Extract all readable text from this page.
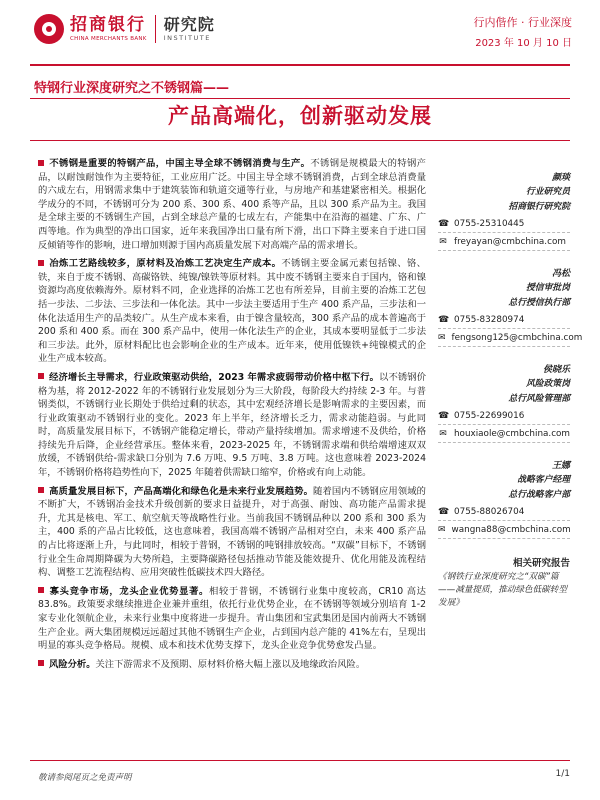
招商银行
CHINA MERCHANTS BANK
研究院
INSTITUTE
行内偕作 · 行业深度
2023 年 10 月 10 日
特钢行业深度研究之不锈钢篇——
产品高端化，创新驱动发展

不锈钢是重要的特钢产品，中国主导全球不锈钢消费与生产。不锈钢是规模最大的特钢产品，以耐蚀耐蚀作为主要特征，工业应用广泛。中国主导全球不锈钢消费，占到全球总消费量的六成左右，用钢需求集中于建筑装饰和轨道交通等行业，与房地产和基建紧密相关。根据化学成分的不同，不锈钢可分为 200 系、300 系、400 系等产品，且以 300 系产品为主。我国是全球主要的不锈钢生产国，占到全球总产量的七成左右，产能集中在沿海的福建、广东、广西等地。作为典型的净出口国家，近年来我国净出口量有所下滑，出口下降主要来自于进口国反倾销等作的影响，进口增加则源于国内高质量发展下对高端产品的需求增长。

冶炼工艺路线较多，原材料及冶炼工艺决定生产成本。不锈钢主要金属元素包括镍、铬、铁，来自于废不锈钢、高碳铬铁、纯镍/镍铁等原材料。其中废不锈钢主要来自于国内，铬和镍资源均高度依赖海外。原材料不同，企业选择的冶炼工艺也有所差异，目前主要的冶炼工艺包括一步法、二步法、三步法和一体化法。其中一步法主要适用于生产 400 系产品，三步法和一体化法适用生产的品类较广。从生产成本来看，由于镍含量较高，300 系产品的成本普遍高于 200 系和 400 系。而在 300 系产品中，使用一体化法生产的企业，其成本要明显低于二步法和三步法。此外，原材料配比也会影响企业的生产成本。近年来，使用低镍铁+纯镍模式的企业生产成本较高。

经济增长主导需求，行业政策驱动供给，2023 年需求疲弱带动价格中枢下行。以不锈钢价格为基，将 2012-2022 年的不锈钢行业发展划分为三大阶段，每阶段大约持续 2-3 年。与普钢类似，不锈钢行业长期处于供给过剩的状态，其中宏观经济增长是影响需求的主要因素，而行业政策驱动不锈钢行业的变化。2023 年上半年，经济增长乏力，需求动能趋弱。与此同时，高质量发展目标下，不锈钢产能稳定增长，带动产量持续增加。需求增速不及供给，价格持续先升后降，企业经营承压。整体来看，2023-2025 年，不锈钢需求端和供给端增速双双放缓，不锈钢供给-需求缺口分别为 7.6 万吨、9.5 万吨、3.8 万吨。这也意味着 2023-2024 年，不锈钢价格将趋势性向下，2025 年随着供需缺口缩窄，价格或有向上动能。

高质量发展目标下，产品高端化和绿色化是未来行业发展趋势。随着国内不锈钢应用领域的不断扩大，不锈钢冶金技术升级创新的要求日益提升，对于高强、耐蚀、高功能产品需求提升，尤其是核电、军工、航空航天等战略性行业。当前我国不锈钢品种以 200 系和 300 系为主，400 系的产品占比较低，这也意味着，我国高端不锈钢产品相对空白，未来 400 系产品的占比将逐渐上升，与此同时，相较于普钢，不锈钢的吨钢排放较高。“双碳”目标下，不锈钢行业全生命周期降碳为大势所趋，主要降碳路径包括推动节能及能效提升、优化用能及流程结构、调整工艺流程结构、应用突破性低碳技术四大路径。

寡头竞争市场，龙头企业优势显著。相较于普钢，不锈钢行业集中度较高，CR10 高达 83.8%。政策要求继续推进企业兼并重组，依托行业优势企业，在不锈钢等领域分别培育 1-2 家专业化领航企业，未来行业集中度将进一步提升。青山集团和宝武集团是国内前两大不锈钢生产企业。两大集团规模远远超过其他不锈钢生产企业，占到国内总产能的 41%左右，呈现出明显的寡头竞争格局。规模、成本和技术优势支撑下，龙头企业竞争优势愈发凸显。

风险分析。关注下游需求不及预期、原材料价格大幅上涨以及地缘政治风险。

颜琰
行业研究员
招商银行研究院
☎ 0755-25310445
✉ freyayan@cmbchina.com
冯松
授信审批岗
总行授信执行部
☎ 0755-83280974
✉ fengsong125@cmbchina.com
侯晓乐
风险政策岗
总行风险管理部
☎ 0755-22699016
✉ houxiaole@cmbchina.com
王娜
战略客户经理
总行战略客户部
☎ 0755-88026704
✉ wangna88@cmbchina.com
相关研究报告
《钢铁行业深度研究之“双碳”篇——减量提质，推动绿色低碳转型发展》
敬请参阅尾页之免责声明	1/1
